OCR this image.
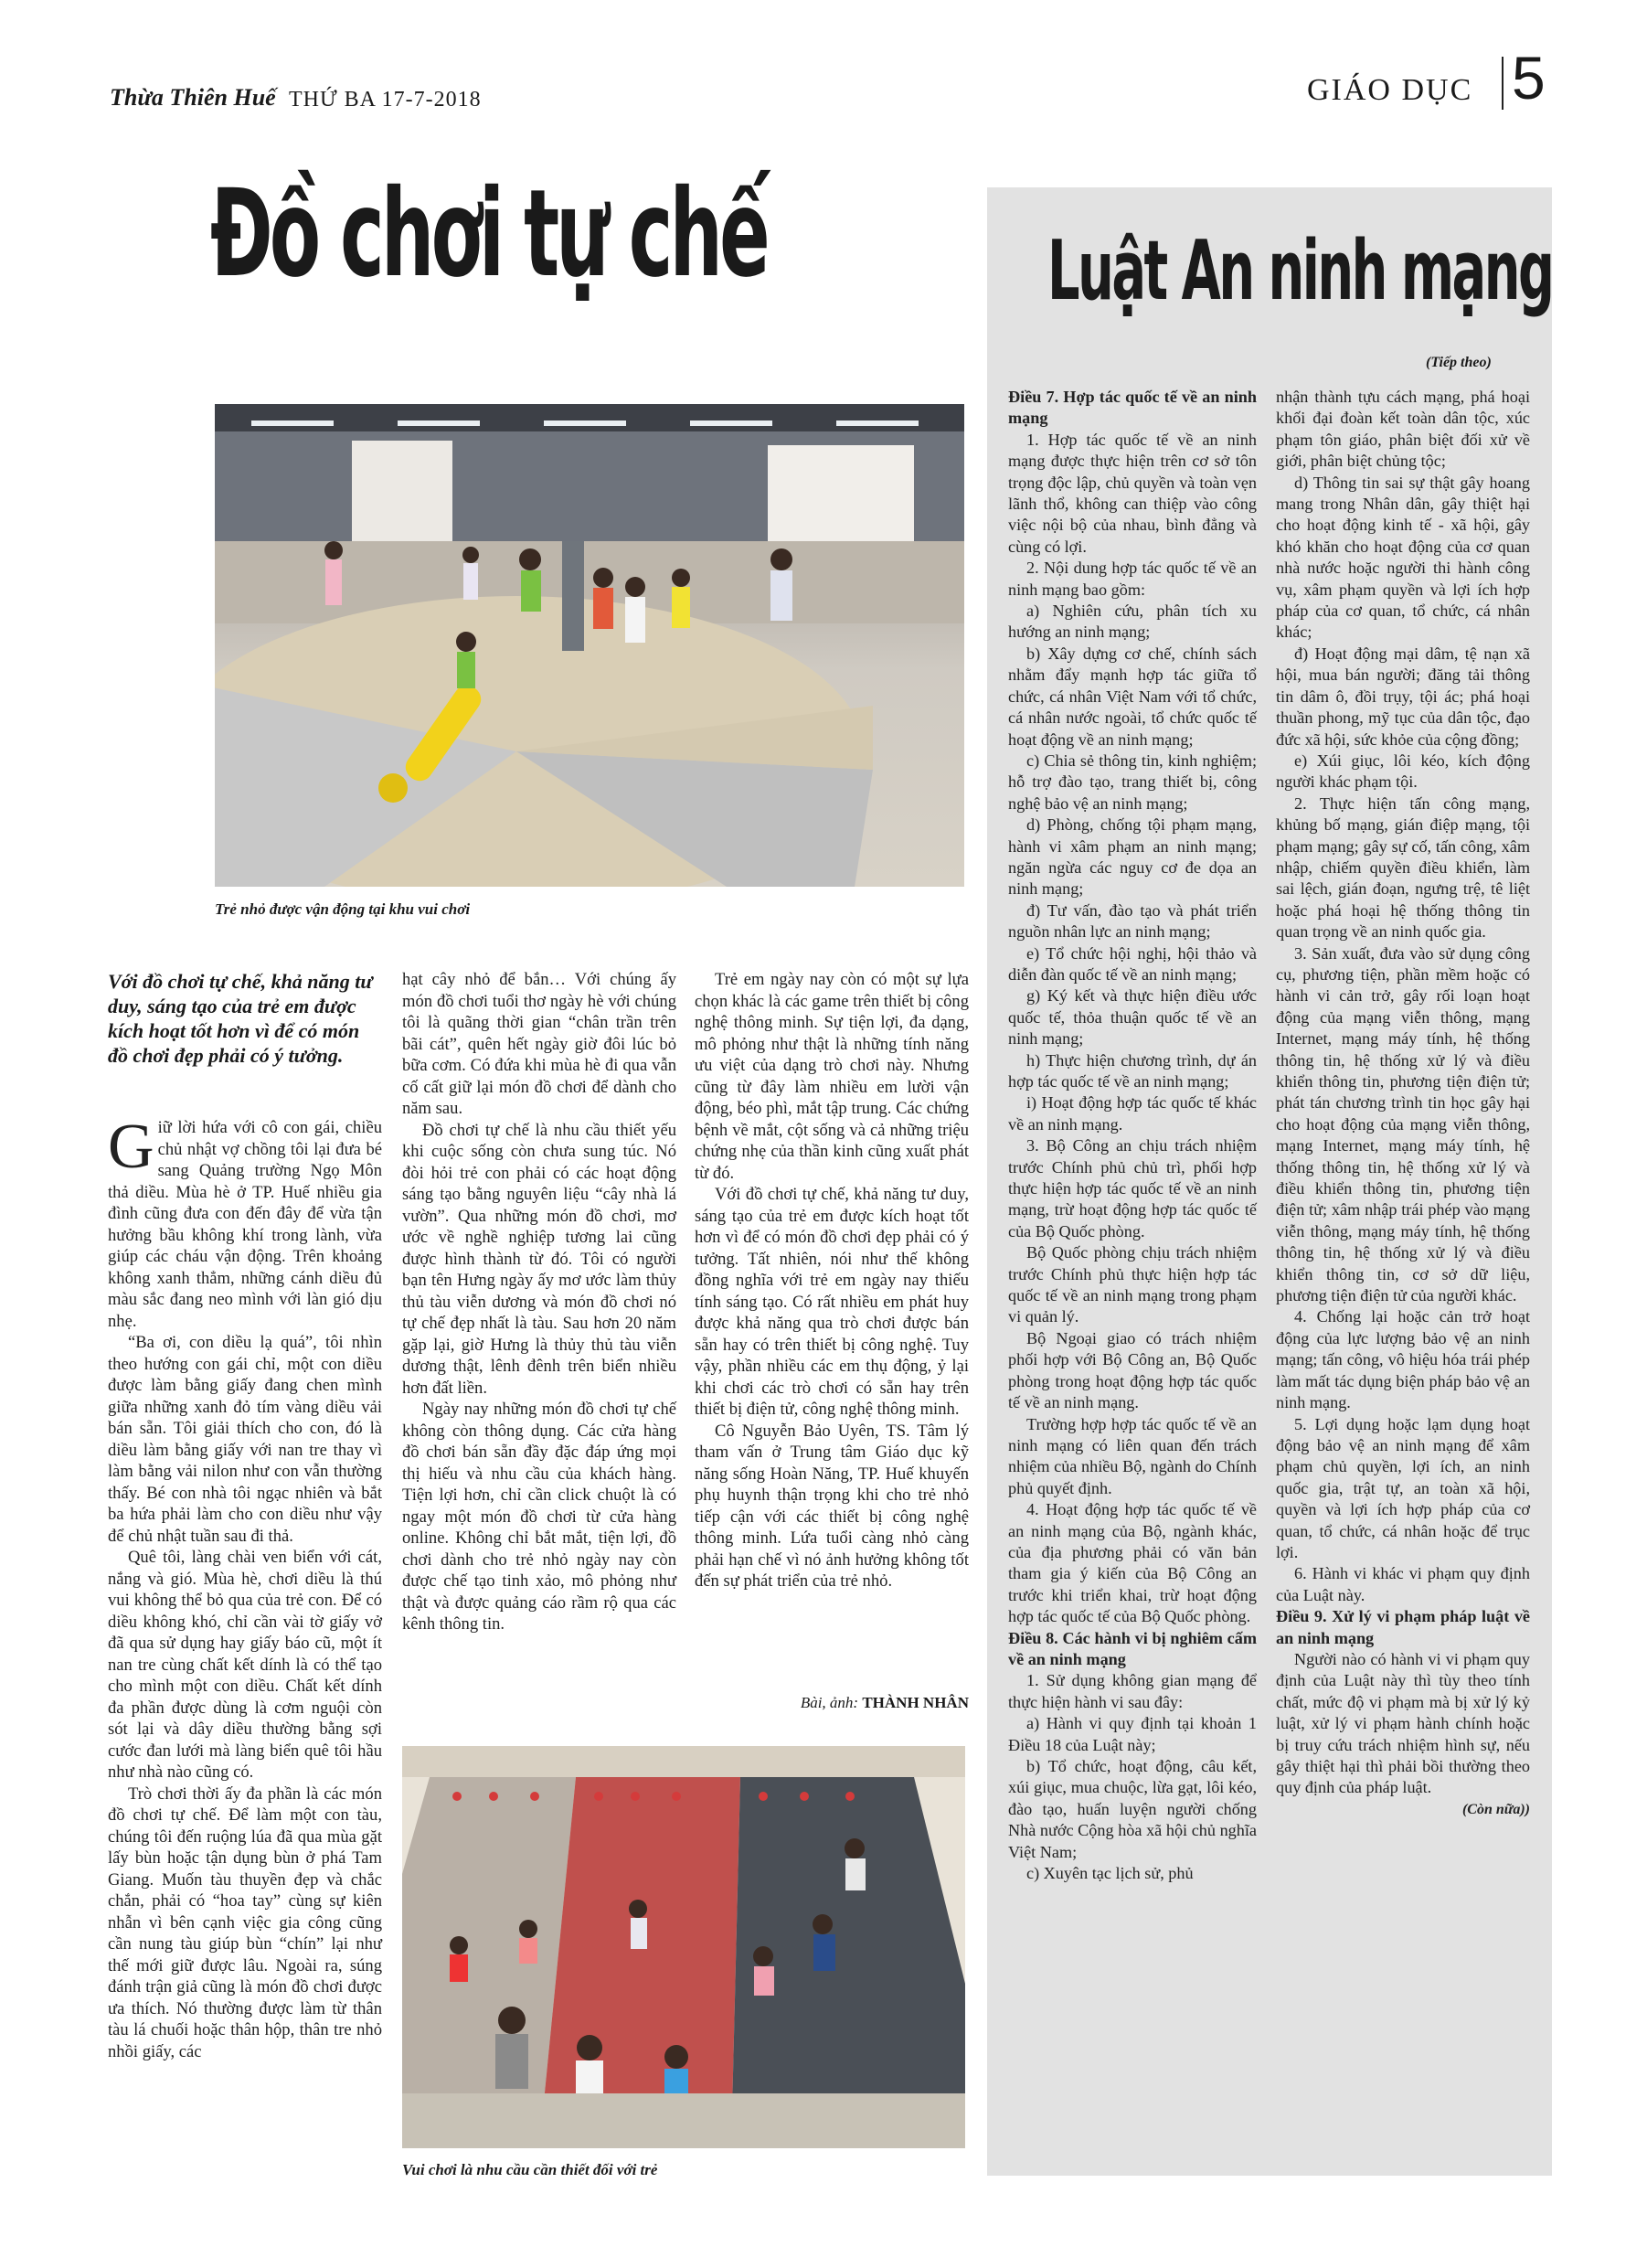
Thừa Thiên Huế THỨ BA 17-7-2018	GIÁO DỤC 5
Đồ chơi tự chế	Luật An ninh mạng
(Tiếp theo)
Trẻ nhỏ được vận động tại khu vui chơi
Với đồ chơi tự chế, khả năng tư duy, sáng tạo của trẻ em được kích hoạt tốt hơn vì để có món đồ chơi đẹp phải có ý tưởng.

Giữ lời hứa với cô con gái, chiều chủ nhật vợ chồng tôi lại đưa bé sang Quảng trường Ngọ Môn thả diều. Mùa hè ở TP. Huế nhiều gia đình cũng đưa con đến đây để vừa tận hưởng bầu không khí trong lành, vừa giúp các cháu vận động. Trên khoảng không xanh thẳm, những cánh diều đủ màu sắc đang neo mình với làn gió dịu nhẹ.

“Ba ơi, con diều lạ quá”, tôi nhìn theo hướng con gái chỉ, một con diều được làm bằng giấy đang chen mình giữa những xanh đỏ tím vàng diều vải bán sẵn. Tôi giải thích cho con, đó là diều làm bằng giấy với nan tre thay vì làm bằng vải nilon như con vẫn thường thấy. Bé con nhà tôi ngạc nhiên và bắt ba hứa phải làm cho con diều như vậy để chủ nhật tuần sau đi thả.

Quê tôi, làng chài ven biển với cát, nắng và gió. Mùa hè, chơi diều là thú vui không thể bỏ qua của trẻ con. Để có diều không khó, chỉ cần vài tờ giấy vở đã qua sử dụng hay giấy báo cũ, một ít nan tre cùng chất kết dính là có thể tạo cho mình một con diều. Chất kết dính đa phần được dùng là cơm nguội còn sót lại và dây diều thường bằng sợi cước đan lưới mà làng biển quê tôi hầu như nhà nào cũng có.

Trò chơi thời ấy đa phần là các món đồ chơi tự chế. Để làm một con tàu, chúng tôi đến ruộng lúa đã qua mùa gặt lấy bùn hoặc tận dụng bùn ở phá Tam Giang. Muốn tàu thuyền đẹp và chắc chắn, phải có “hoa tay” cùng sự kiên nhẫn vì bên cạnh việc gia công cũng cần nung tàu giúp bùn “chín” lại như thế mới giữ được lâu. Ngoài ra, súng đánh trận giả cũng là món đồ chơi được ưa thích. Nó thường được làm từ thân tàu lá chuối hoặc thân hộp, thân tre nhỏ nhồi giấy, các

hạt cây nhỏ để bắn… Với chúng ấy món đồ chơi tuổi thơ ngày hè với chúng tôi là quãng thời gian “chân trần trên bãi cát”, quên hết ngày giờ đôi lúc bỏ bữa cơm. Có đứa khi mùa hè đi qua vẫn cố cất giữ lại món đồ chơi để dành cho năm sau.

Đồ chơi tự chế là nhu cầu thiết yếu khi cuộc sống còn chưa sung túc. Nó đòi hỏi trẻ con phải có các hoạt động sáng tạo bằng nguyên liệu “cây nhà lá vườn”. Qua những món đồ chơi, mơ ước về nghề nghiệp tương lai cũng được hình thành từ đó. Tôi có người bạn tên Hưng ngày ấy mơ ước làm thủy thủ tàu viễn dương và món đồ chơi nó tự chế đẹp nhất là tàu. Sau hơn 20 năm gặp lại, giờ Hưng là thủy thủ tàu viễn dương thật, lênh đênh trên biển nhiều hơn đất liền.

Ngày nay những món đồ chơi tự chế không còn thông dụng. Các cửa hàng đồ chơi bán sẵn đầy đặc đáp ứng mọi thị hiếu và nhu cầu của khách hàng. Tiện lợi hơn, chỉ cần click chuột là có ngay một món đồ chơi từ cửa hàng online. Không chỉ bắt mắt, tiện lợi, đồ chơi dành cho trẻ nhỏ ngày nay còn được chế tạo tinh xảo, mô phỏng như thật và được quảng cáo rầm rộ qua các kênh thông tin.

Trẻ em ngày nay còn có một sự lựa chọn khác là các game trên thiết bị công nghệ thông minh. Sự tiện lợi, đa dạng, mô phỏng như thật là những tính năng ưu việt của dạng trò chơi này. Nhưng cũng từ đây làm nhiều em lười vận động, béo phì, mắt tập trung. Các chứng bệnh về mắt, cột sống và cả những triệu chứng nhẹ của thần kinh cũng xuất phát từ đó.

Với đồ chơi tự chế, khả năng tư duy, sáng tạo của trẻ em được kích hoạt tốt hơn vì để có món đồ chơi đẹp phải có ý tưởng. Tất nhiên, nói như thế không đồng nghĩa với trẻ em ngày nay thiếu tính sáng tạo. Có rất nhiều em phát huy được khả năng qua trò chơi được bán sẵn hay có trên thiết bị công nghệ. Tuy vậy, phần nhiều các em thụ động, ỷ lại khi chơi các trò chơi có sẵn hay trên thiết bị điện tử, công nghệ thông minh.

Cô Nguyễn Bảo Uyên, TS. Tâm lý tham vấn ở Trung tâm Giáo dục kỹ năng sống Hoàn Năng, TP. Huế khuyến phụ huynh thận trọng khi cho trẻ nhỏ tiếp cận với các thiết bị công nghệ thông minh. Lứa tuổi càng nhỏ càng phải hạn chế vì nó ảnh hưởng không tốt đến sự phát triển của trẻ nhỏ.

Bài, ảnh: THÀNH NHÂN
Vui chơi là nhu cầu cần thiết đối với trẻ

Điều 7. Hợp tác quốc tế về an ninh mạng

1. Hợp tác quốc tế về an ninh mạng được thực hiện trên cơ sở tôn trọng độc lập, chủ quyền và toàn vẹn lãnh thổ, không can thiệp vào công việc nội bộ của nhau, bình đẳng và cùng có lợi.

2. Nội dung hợp tác quốc tế về an ninh mạng bao gồm:

a) Nghiên cứu, phân tích xu hướng an ninh mạng;

b) Xây dựng cơ chế, chính sách nhằm đẩy mạnh hợp tác giữa tổ chức, cá nhân Việt Nam với tổ chức, cá nhân nước ngoài, tổ chức quốc tế hoạt động về an ninh mạng;

c) Chia sẻ thông tin, kinh nghiệm; hỗ trợ đào tạo, trang thiết bị, công nghệ bảo vệ an ninh mạng;

d) Phòng, chống tội phạm mạng, hành vi xâm phạm an ninh mạng; ngăn ngừa các nguy cơ đe dọa an ninh mạng;

đ) Tư vấn, đào tạo và phát triển nguồn nhân lực an ninh mạng;

e) Tổ chức hội nghị, hội thảo và diễn đàn quốc tế về an ninh mạng;

g) Ký kết và thực hiện điều ước quốc tế, thỏa thuận quốc tế về an ninh mạng;

h) Thực hiện chương trình, dự án hợp tác quốc tế về an ninh mạng;

i) Hoạt động hợp tác quốc tế khác về an ninh mạng.

3. Bộ Công an chịu trách nhiệm trước Chính phủ chủ trì, phối hợp thực hiện hợp tác quốc tế về an ninh mạng, trừ hoạt động hợp tác quốc tế của Bộ Quốc phòng.

Bộ Quốc phòng chịu trách nhiệm trước Chính phủ thực hiện hợp tác quốc tế về an ninh mạng trong phạm vi quản lý.

Bộ Ngoại giao có trách nhiệm phối hợp với Bộ Công an, Bộ Quốc phòng trong hoạt động hợp tác quốc tế về an ninh mạng.

Trường hợp hợp tác quốc tế về an ninh mạng có liên quan đến trách nhiệm của nhiều Bộ, ngành do Chính phủ quyết định.

4. Hoạt động hợp tác quốc tế về an ninh mạng của Bộ, ngành khác, của địa phương phải có văn bản tham gia ý kiến của Bộ Công an trước khi triển khai, trừ hoạt động hợp tác quốc tế của Bộ Quốc phòng.

Điều 8. Các hành vi bị nghiêm cấm về an ninh mạng

1. Sử dụng không gian mạng để thực hiện hành vi sau đây:

a) Hành vi quy định tại khoản 1 Điều 18 của Luật này;

b) Tổ chức, hoạt động, câu kết, xúi giục, mua chuộc, lừa gạt, lôi kéo, đào tạo, huấn luyện người chống Nhà nước Cộng hòa xã hội chủ nghĩa Việt Nam;

c) Xuyên tạc lịch sử, phủ

nhận thành tựu cách mạng, phá hoại khối đại đoàn kết toàn dân tộc, xúc phạm tôn giáo, phân biệt đối xử về giới, phân biệt chủng tộc;

d) Thông tin sai sự thật gây hoang mang trong Nhân dân, gây thiệt hại cho hoạt động kinh tế - xã hội, gây khó khăn cho hoạt động của cơ quan nhà nước hoặc người thi hành công vụ, xâm phạm quyền và lợi ích hợp pháp của cơ quan, tổ chức, cá nhân khác;

đ) Hoạt động mại dâm, tệ nạn xã hội, mua bán người; đăng tải thông tin dâm ô, đồi trụy, tội ác; phá hoại thuần phong, mỹ tục của dân tộc, đạo đức xã hội, sức khỏe của cộng đồng;

e) Xúi giục, lôi kéo, kích động người khác phạm tội.

2. Thực hiện tấn công mạng, khủng bố mạng, gián điệp mạng, tội phạm mạng; gây sự cố, tấn công, xâm nhập, chiếm quyền điều khiển, làm sai lệch, gián đoạn, ngưng trệ, tê liệt hoặc phá hoại hệ thống thông tin quan trọng về an ninh quốc gia.

3. Sản xuất, đưa vào sử dụng công cụ, phương tiện, phần mềm hoặc có hành vi cản trở, gây rối loạn hoạt động của mạng viễn thông, mạng Internet, mạng máy tính, hệ thống thông tin, hệ thống xử lý và điều khiển thông tin, phương tiện điện tử; phát tán chương trình tin học gây hại cho hoạt động của mạng viễn thông, mạng Internet, mạng máy tính, hệ thống thông tin, hệ thống xử lý và điều khiển thông tin, phương tiện điện tử; xâm nhập trái phép vào mạng viễn thông, mạng máy tính, hệ thống thông tin, hệ thống xử lý và điều khiển thông tin, cơ sở dữ liệu, phương tiện điện tử của người khác.

4. Chống lại hoặc cản trở hoạt động của lực lượng bảo vệ an ninh mạng; tấn công, vô hiệu hóa trái phép làm mất tác dụng biện pháp bảo vệ an ninh mạng.

5. Lợi dụng hoặc lạm dụng hoạt động bảo vệ an ninh mạng để xâm phạm chủ quyền, lợi ích, an ninh quốc gia, trật tự, an toàn xã hội, quyền và lợi ích hợp pháp của cơ quan, tổ chức, cá nhân hoặc để trục lợi.

6. Hành vi khác vi phạm quy định của Luật này.

Điều 9. Xử lý vi phạm pháp luật về an ninh mạng

Người nào có hành vi vi phạm quy định của Luật này thì tùy theo tính chất, mức độ vi phạm mà bị xử lý kỷ luật, xử lý vi phạm hành chính hoặc bị truy cứu trách nhiệm hình sự, nếu gây thiệt hại thì phải bồi thường theo quy định của pháp luật.

(Còn nữa))
